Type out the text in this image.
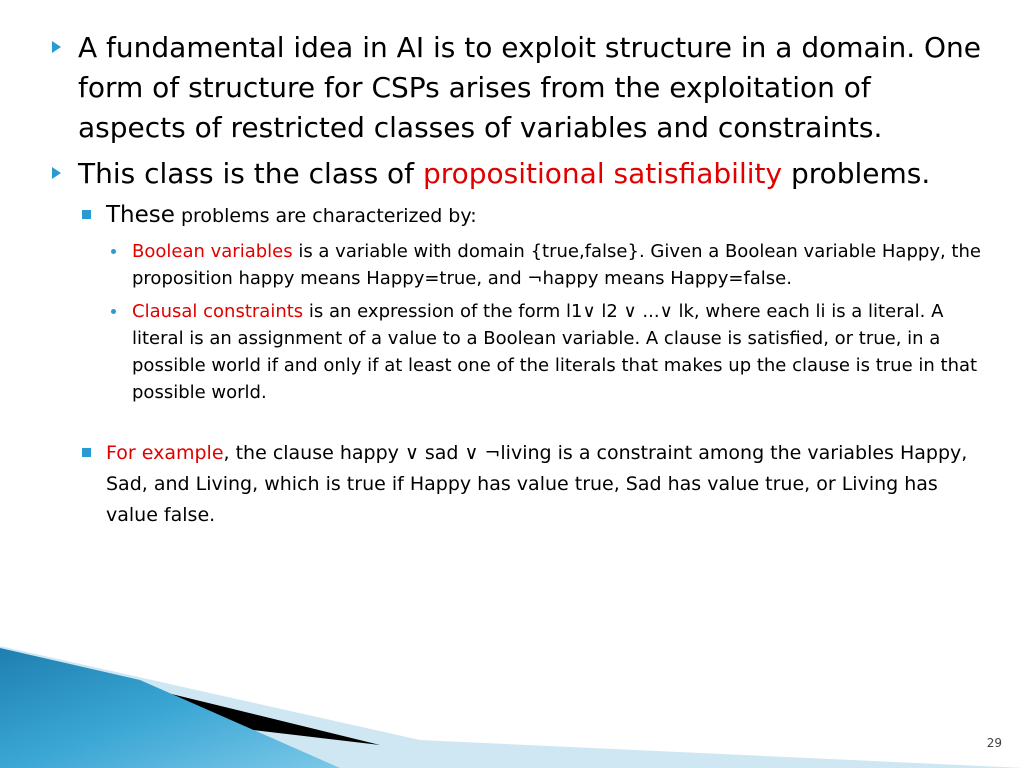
A fundamental idea in AI is to exploit structure in a domain. One form of structure for CSPs arises from the exploitation of aspects of restricted classes of variables and constraints.
This class is the class of propositional satisfiability problems.
These problems are characterized by:
Boolean variables is a variable with domain {true,false}. Given a Boolean variable Happy, the proposition happy means Happy=true, and ¬happy means Happy=false.
Clausal constraints is an expression of the form l1∨ l2 ∨ ...∨ lk, where each li is a literal. A literal is an assignment of a value to a Boolean variable. A clause is satisfied, or true, in a possible world if and only if at least one of the literals that makes up the clause is true in that possible world.
For example, the clause happy ∨ sad ∨ ¬living is a constraint among the variables Happy, Sad, and Living, which is true if Happy has value true, Sad has value true, or Living has value false.
29
